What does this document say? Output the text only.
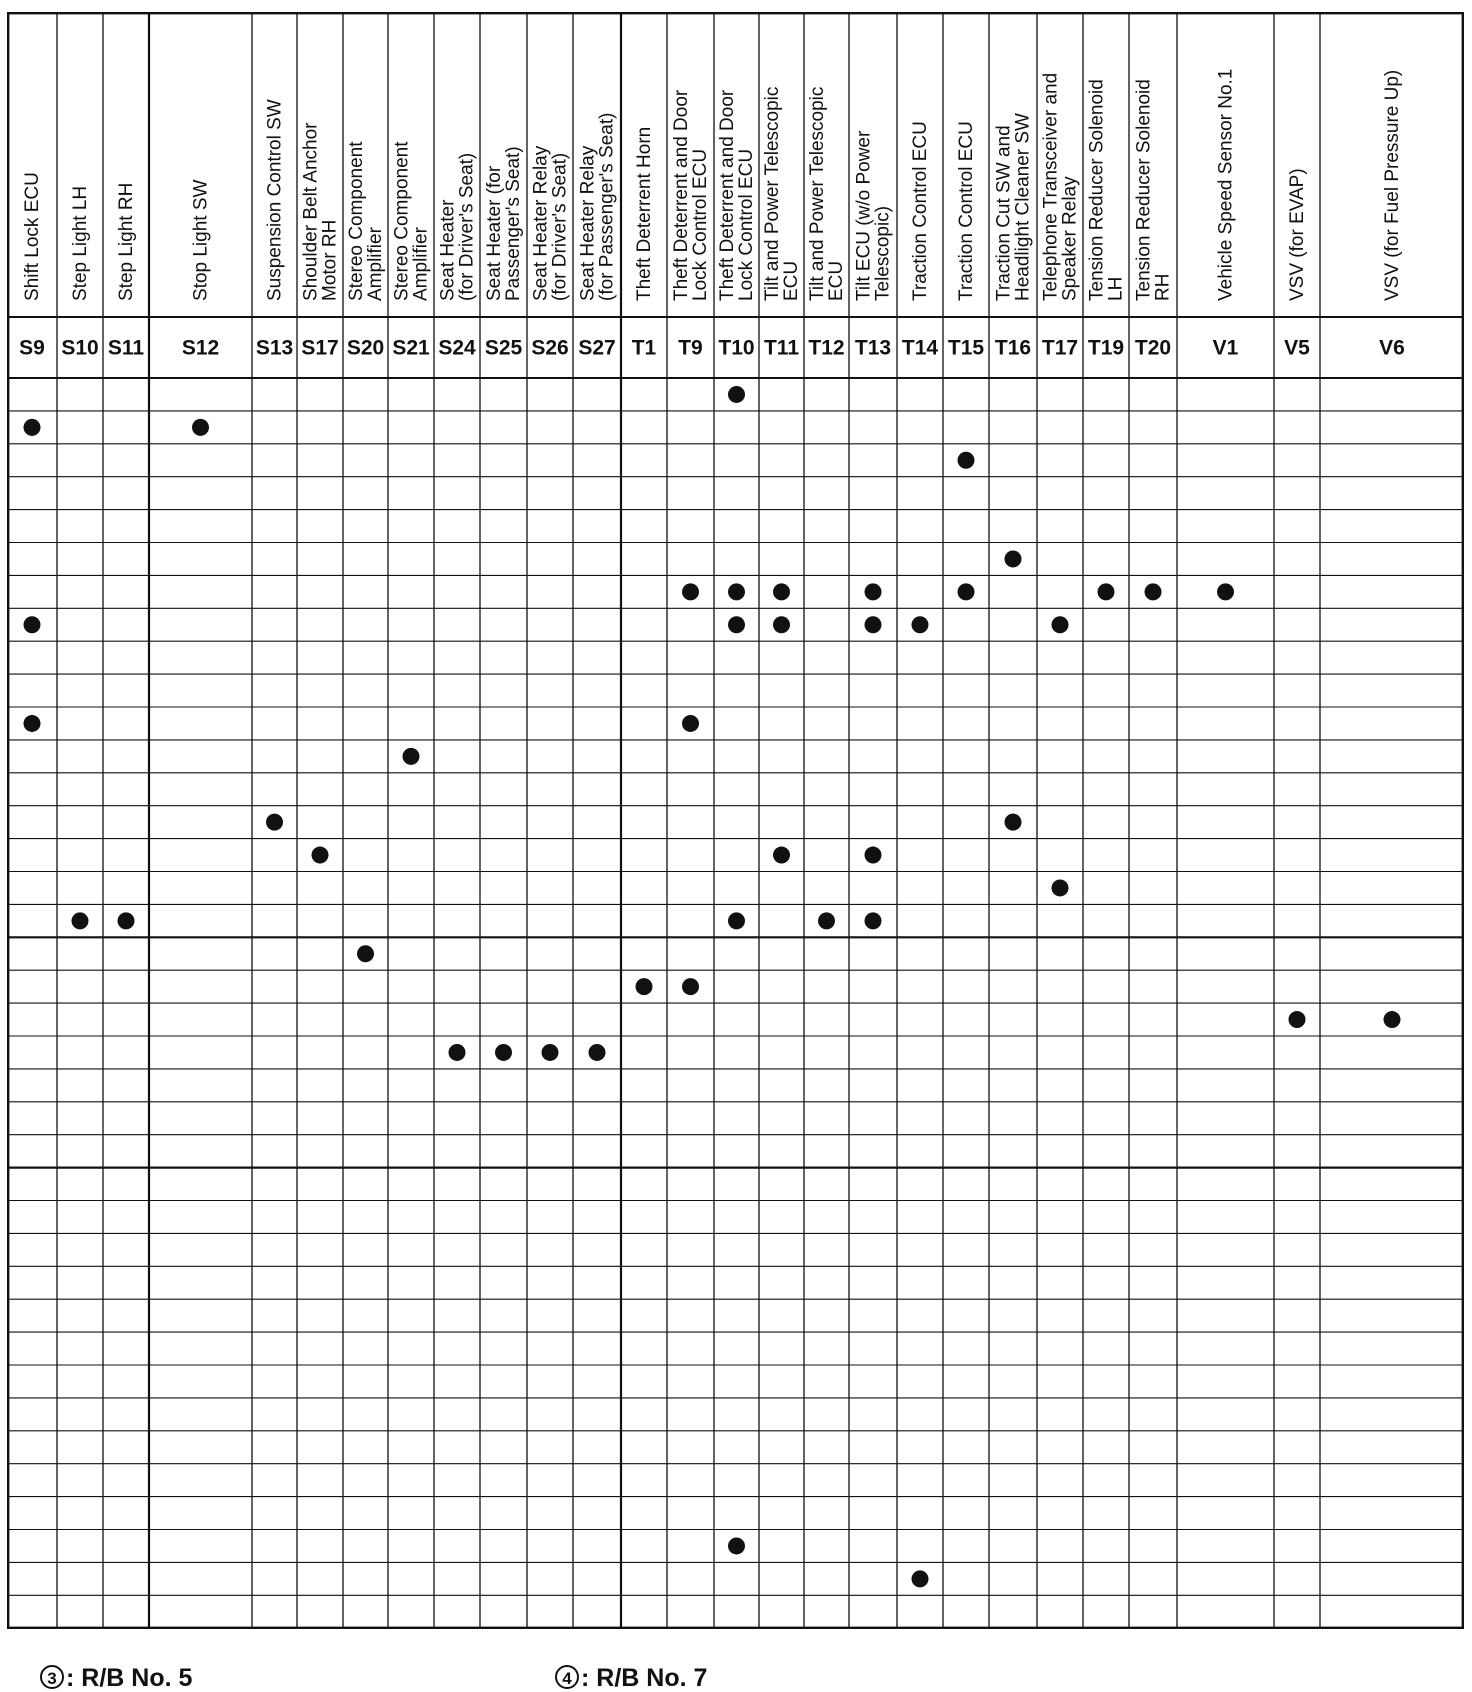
Shift Lock ECU
S9
Step Light LH
S10
Step Light RH
S11
Stop Light SW
S12
Suspension Control SW
S13
Shoulder Belt Anchor
Motor RH
S17
Stereo Component
Amplifier
S20
Stereo Component
Amplifier
S21
Seat Heater
(for Driver's Seat)
S24
Seat Heater (for
Passenger's Seat)
S25
Seat Heater Relay
(for Driver's Seat)
S26
Seat Heater Relay
(for Passenger's Seat)
S27
Theft Deterrent Horn
T1
Theft Deterrent and Door
Lock Control ECU
T9
Theft Deterrent and Door
Lock Control ECU
T10
Tilt and Power Telescopic
ECU
T11
Tilt and Power Telescopic
ECU
T12
Tilt ECU (w/o Power
Telescopic)
T13
Traction Control ECU
T14
Traction Control ECU
T15
Traction Cut SW and
Headlight Cleaner SW
T16
Telephone Transceiver and
Speaker Relay
T17
Tension Reducer Solenoid
LH
T19
Tension Reducer Solenoid
RH
T20
Vehicle Speed Sensor No.1
V1
VSV (for EVAP)
V5
VSV (for Fuel Pressure Up)
V6
3 : R/B No. 5	4 : R/B No. 7
